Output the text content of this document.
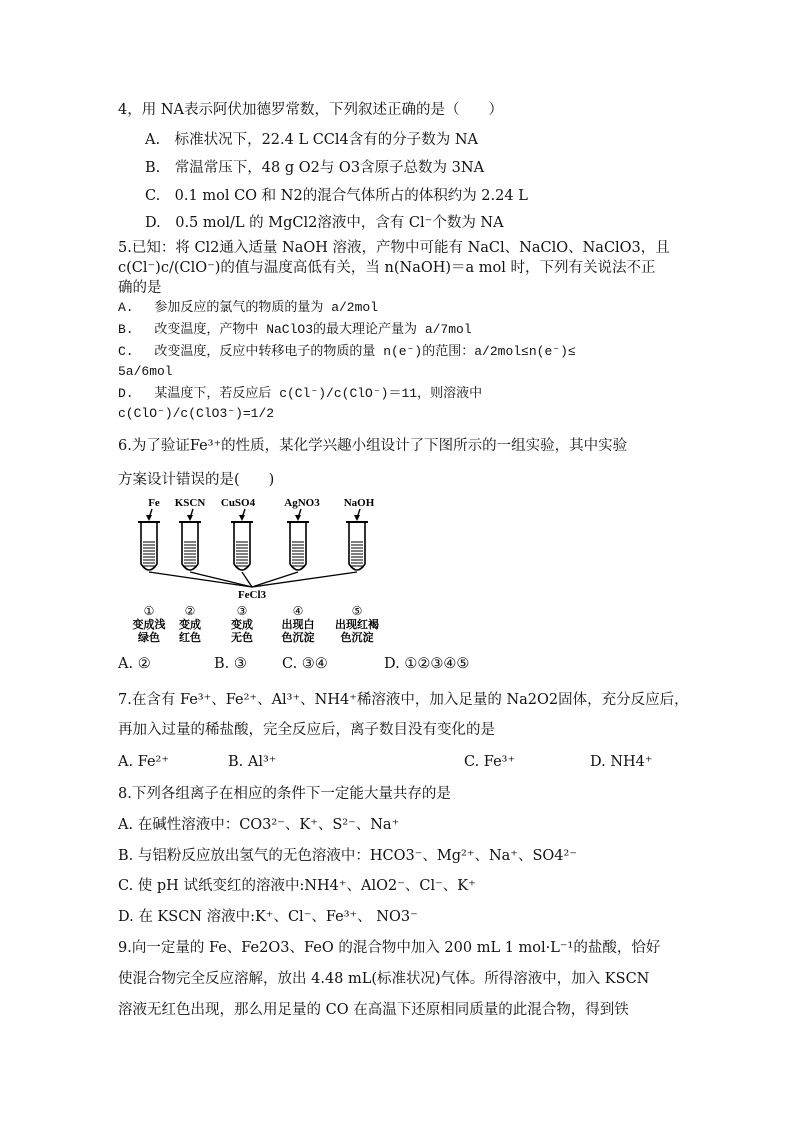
4，用 NA表示阿伏加德罗常数，下列叙述正确的是（　　）
A.　标准状况下，22.4 L CCl4含有的分子数为 NA
B.　常温常压下，48 g O2与 O3含原子总数为 3NA
C.　0.1 mol CO 和 N2的混合气体所占的体积约为 2.24 L
D.　0.5 mol/L 的 MgCl2溶液中，含有 Cl⁻个数为 NA
5.已知：将 Cl2通入适量 NaOH 溶液，产物中可能有 NaCl、NaClO、NaClO3，且
c(Cl⁻)c/(ClO⁻)的值与温度高低有关，当 n(NaOH)＝a mol 时，下列有关说法不正
确的是
A.　 参加反应的氯气的物质的量为 a/2mol
B.　 改变温度，产物中 NaClO3的最大理论产量为 a/7mol
C.　 改变温度，反应中转移电子的物质的量 n(e⁻)的范围：a/2mol≤n(e⁻)≤
5a/6mol
D.　 某温度下，若反应后 c(Cl⁻)/c(ClO⁻)＝11，则溶液中
c(ClO⁻)/c(ClO3⁻)=1/2
6.为了验证Fe³⁺的性质，某化学兴趣小组设计了下图所示的一组实验，其中实验
方案设计错误的是(　　)
Fe KSCN CuSO4	AgNO3 NaOH
FeCl3
①	②	③	④	⑤
变成浅 变成	变成	出现白 出现红褐
绿色 红色	无色	色沉淀 色沉淀
A. ②	B. ③ C. ③④	D. ①②③④⑤
7.在含有 Fe³⁺、Fe²⁺、Al³⁺、NH4⁺稀溶液中，加入足量的 Na2O2固体，充分反应后，
再加入过量的稀盐酸，完全反应后，离子数目没有变化的是
A. Fe²⁺	B. Al³⁺	C. Fe³⁺	D. NH4⁺
8.下列各组离子在相应的条件下一定能大量共存的是
A. 在碱性溶液中：CO3²⁻、K⁺、S²⁻、Na⁺
B. 与铝粉反应放出氢气的无色溶液中：HCO3⁻、Mg²⁺、Na⁺、SO4²⁻
C. 使 pH 试纸变红的溶液中:NH4⁺、AlO2⁻、Cl⁻、K⁺
D. 在 KSCN 溶液中:K⁺、Cl⁻、Fe³⁺、 NO3⁻
9.向一定量的 Fe、Fe2O3、FeO 的混合物中加入 200 mL 1 mol·L⁻¹的盐酸，恰好
使混合物完全反应溶解，放出 4.48 mL(标准状况)气体。所得溶液中，加入 KSCN
溶液无红色出现，那么用足量的 CO 在高温下还原相同质量的此混合物，得到铁
